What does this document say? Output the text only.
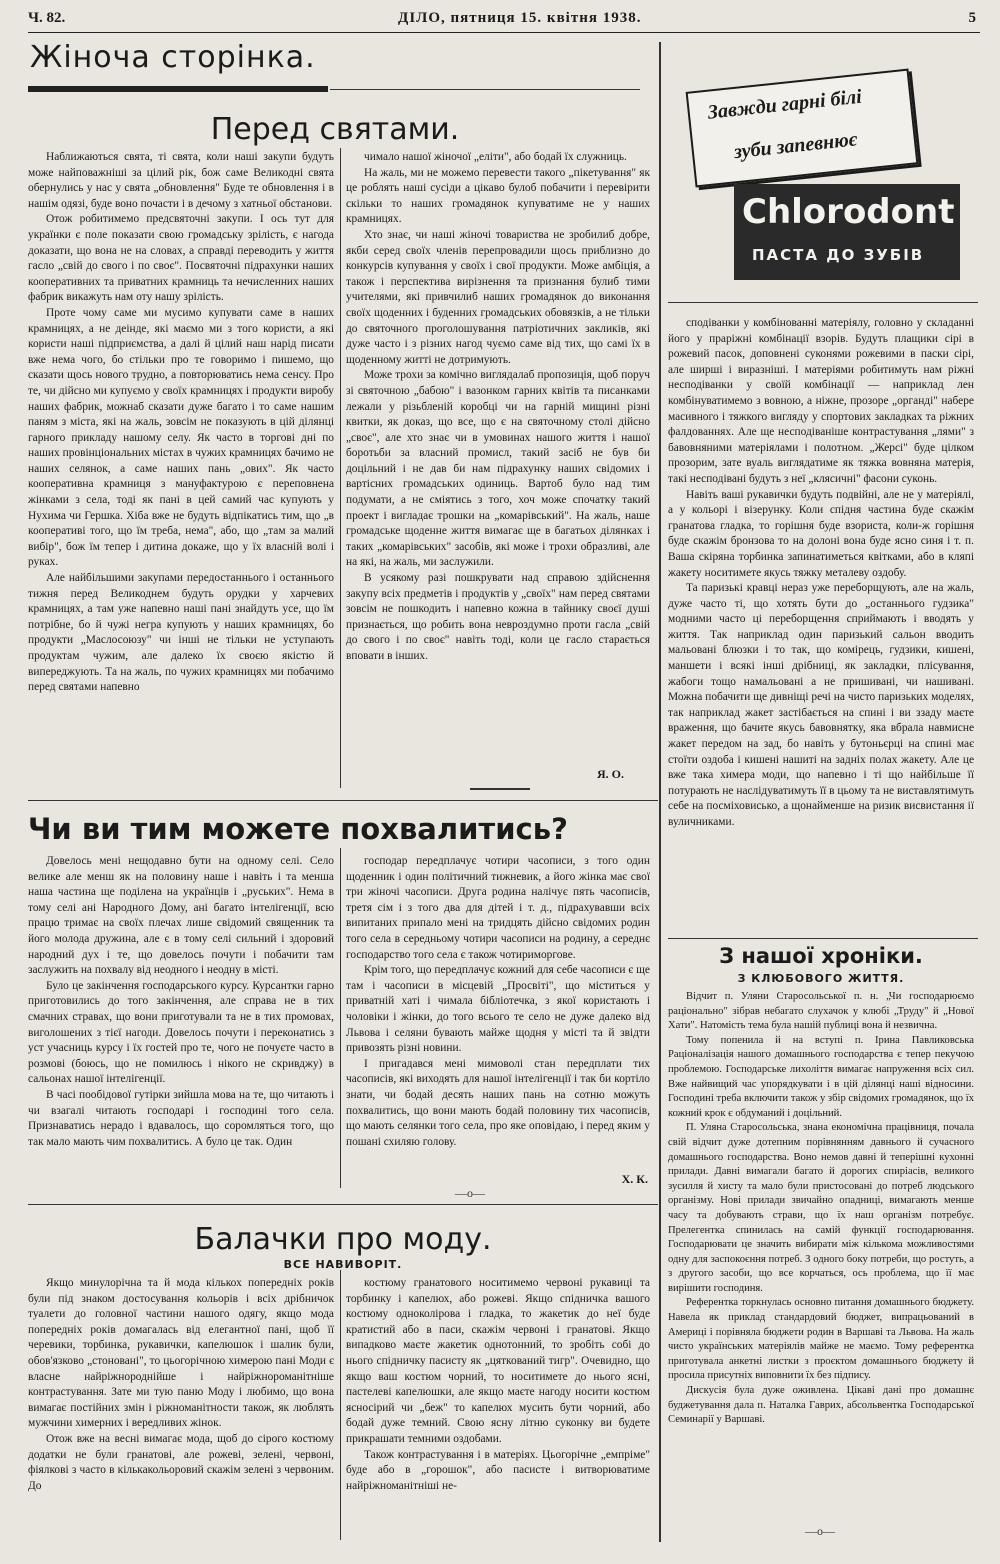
Ч. 82.	ДІЛО, пятниця 15. квітня 1938.	5
Жіноча сторінка.
Перед святами.

Наближаються свята, ті свята, коли наші закупи будуть може найповажніші за цілий рік, бож саме Великодні свята обернулись у нас у свята „обновлення" Буде те обновлення і в нашім одязі, буде воно почасти і в дечому з хатньої обстанови.

Отож робитимемо предсвяточні закупи. І ось тут для українки є поле показати свою громадську зрілість, є нагода доказати, що вона не на словах, а справді переводить у життя гасло „свій до свого і по своє". Посвяточні підрахунки наших кооперативних та приватних крамниць та нечисленних наших фабрик викажуть нам оту нашу зрілість.

Проте чому саме ми мусимо купувати саме в наших крамницях, а не деінде, які маємо ми з того користи, а які користи наші підприємства, а далі й цілий наш нарід писати вже нема чого, бо стільки про те говоримо і пишемо, що сказати щось нового трудно, а повторюватись нема сенсу. Про те, чи дійсно ми купуємо у своїх крамницях і продукти виробу наших фабрик, можнаб сказати дуже багато і то саме нашим паням з міста, які на жаль, зовсім не показують в цій ділянці гарного прикладу нашому селу. Як часто в торгові дні по наших провінціональних містах в чужих крамницях бачимо не наших селянок, а саме наших пань „ових". Як часто кооперативна крамниця з мануфактурою є переповнена жінками з села, тоді як пані в цей самий час купують у Нухима чи Гершка. Хіба вже не будуть відпікатись тим, що „в кооперативі того, що їм треба, нема", або, що „там за малий вибір", бож їм тепер і дитина докаже, що у їх власній волі і руках.

Але найбільшими закупами передостаннього і останнього тижня перед Великоднем будуть орудки у харчевих крамницях, а там уже напевно наші пані знайдуть усе, що їм потрібне, бо й чужі негра купують у наших крамницях, бо продукти „Маслосоюзу" чи інші не тільки не уступають продуктам чужим, але далеко їх своєю якістю й випереджують. Та на жаль, по чужих крамницях ми побачимо перед святами напевно

чимало нашої жіночої „еліти", або бодай їх служниць.

На жаль, ми не можемо перевести такого „пікетування" як це роблять наші сусіди а цікаво булоб побачити і перевірити скільки то наших громадянок купуватиме не у наших крамницях.

Хто знає, чи наші жіночі товариства не зробилиб добре, якби серед своїх членів перепровадили щось приблизно до конкурсів купування у своїх і свої продукти. Може амбіція, а також і перспектива вирізнення та признання булиб тими учителями, які привчилиб наших громадянок до виконання своїх щоденних і буденних громадських обовязків, а не тільки до святочного проголошування патріотичних закликів, які дуже часто і з різних нагод чуємо саме від тих, що самі їх в щоденному житті не дотримують.

Може трохи за комічно виглядалаб пропозиція, щоб поруч зі святочною „бабою" і вазонком гарних квітів та писанками лежали у різьбленій коробці чи на гарній мищині різні квитки, як доказ, що все, що є на святочному столі дійсно „своє", але хто знає чи в умовинах нашого життя і нашої боротьби за власний промисл, такий засіб не був би доцільний і не дав би нам підрахунку наших свідомих і вартісних громадських одиниць. Вартоб було над тим подумати, а не сміятись з того, хоч може спочатку такий проект і вигладає трошки на „комарівський". На жаль, наше громадське щоденне життя вимагає ще в багатьох ділянках і таких „комарівських" засобів, які може і трохи образливі, але на які, на жаль, ми заслужили.

В усякому разі пошкрувати над справою здійснення закупу всіх предметів і продуктів у „своїх" нам перед святами зовсім не пошкодить і напевно кожна в тайнику своєї душі признається, що робить вона невроздумно проти гасла „свій до свого і по своє" навіть тоді, коли це гасло старається вповати в інших.

Я. О.
Завжди гарні білі
зуби запевнює
Chlorodont
ПАСТА ДО ЗУБІВ
Чи ви тим можете похвалитись?

Довелось мені нещодавно бути на одному селі. Село велике але менш як на половину наше і навіть і та менша наша частина ще поділена на українців і „руських". Нема в тому селі ані Народного Дому, ані багато інтелігенції, всю працю тримає на своїх плечах лише свідомий священник та його молода дружина, але є в тому селі сильний і здоровий народний дух і те, що довелось почути і побачити там заслужить на похвалу від неодного і неодну в місті.

Було це закінчення господарського курсу. Курсантки гарно приготовились до того закінчення, але справа не в тих смачних стравах, що вони приготували та не в тих промовах, виголошених з тієї нагоди. Довелось почути і переконатись з уст учасниць курсу і їх гостей про те, чого не почуєте часто в розмові (боюсь, що не помилюсь і нікого не скривджу) в сальонах нашої інтелігенції.

В часі пообідової гутірки зийшла мова на те, що читають і чи взагалі читають господарі і господині того села. Признаватись нерадо і вдавалось, що соромляться того, що так мало мають чим похвалитись. А було це так. Один

господар передплачує чотири часописи, з того один щоденник і один політичний тижневик, а його жінка має свої три жіночі часописи. Друга родина налічує пять часописів, третя сім і з того два для дітей і т. д., підрахувавши всіх випитаних припало мені на тридцять дійсно свідомих родин того села в середньому чотири часописи на родину, а середнє господарство того села є також чотириморгове.

Крім того, що передплачує кожний для себе часописи є ще там і часописи в місцевій „Просвіті", що міститься у приватній хаті і чимала бібліотечка, з якої користають і чоловіки і жінки, до того всього те село не дуже далеко від Львова і селяни бувають майже щодня у місті та й звідти привозять різні новини.

І пригадався мені мимоволі стан передплати тих часописів, які виходять для нашої інтелігенції і так би кортіло знати, чи бодай десять наших пань на сотню можуть похвалитись, що вони мають бодай половину тих часописів, що мають селянки того села, про яке оповідаю, і перед яким у пошані схиляю голову.

Х. К.
—o—
Балачки про моду.
ВСЕ НАВИВОРІТ.

Якщо минулорічна та й мода кількох попередніх років були під знаком достосування кольорів і всіх дрібничок туалети до головної частини нашого одягу, якщо мода попередніх років домагалась від елегантної пані, щоб її черевики, торбинка, рукавички, капелюшок і шалик були, обов'язково „стоновані", то цьогорічною химерою пані Моди є власне найріжнороднійше і найріжнороманітніше контрастування. Зате ми тую паню Моду і любимо, що вона вимагає постійних змін і ріжноманітности також, як люблять мужчини химерних і вередливих жінок.

Отож вже на весні вимагає мода, щоб до сірого костюму додатки не були гранатові, але рожеві, зелені, червоні, фіялкові з часто в кількакольоровий скажім зелені з червоним. До

костюму гранатового носитимемо червоні рукавиці та торбинку і капелюх, або рожеві. Якщо спідничка вашого костюму одноколірова і гладка, то жакетик до неї буде кратистий або в паси, скажім червоні і гранатові. Якщо випадково маєте жакетик однотонний, то зробіть собі до нього спідничку пасисту як „цяткований тигр". Очевидно, що якщо ваш костюм чорний, то носитимете до нього ясні, пастелеві капелюшки, але якщо маєте нагоду носити костюм ясносірий чи „беж" то капелюх мусить бути чорний, або бодай дуже темний. Свою ясну літню суконку ви будете прикрашати темними оздобами.

Також контрастування і в матеріях. Цьогорічне „емпріме" буде або в „горошок", або пасисте і витворюватиме найріжноманітніші не-

сподіванки у комбінованні матеріялу, головно у складанні його у праріжні комбінації взорів. Будуть плащики сірі в рожевий пасок, доповнені суконями рожевими в паски сірі, але ширші і виразніші. І матеріями робитимуть нам ріжні несподіванки у своїй комбінації — наприклад лен комбінуватимемо з вовною, а ніжне, прозоре „органді" набере масивного і тяжкого вигляду у спортових закладках та ріжних фалдованнях. Але ще несподіваніше контрастування „лями" з бавовняними матеріялами і полотном. „Жерсі" буде цілком прозорим, зате вуаль виглядатиме як тяжка вовняна матерія, такі несподівані будуть з неї „клясичні" фасони суконь.

Навіть ваші рукавички будуть подвійні, але не у матеріялі, а у кольорі і візерунку. Коли спідня частина буде скажім гранатова гладка, то горішня буде взориста, коли-ж горішня буде скажім бронзова то на долоні вона буде ясно синя і т. п. Ваша скіряна торбинка запинатиметься квітками, або в кляпі жакету носитимете якусь тяжку металеву оздобу.

Та паризькі кравці нераз уже переборщують, але на жаль, дуже часто ті, що хотять бути до „останнього гудзика" модними часто ці переборщення сприймають і вводять у життя. Так наприклад один паризький сальон вводить мальовані блюзки і то так, що комірець, гудзики, кишені, маншети і всякі інші дрібниці, як закладки, плісування, жабоги тощо намальовані а не пришивані, чи нашивані. Можна побачити ще дивніщі речі на чисто паризьких моделях, так наприклад жакет застібається на спині і ви ззаду маєте враження, що бачите якусь бавовнятку, яка вбрала навмисне жакет передом на зад, бо навіть у бутоньєрці на спині має стоїти оздоба і кишені нашиті на задніх полах жакету. Але це вже така химера моди, що напевно і ті що найбільше її потурають не наслідуватимуть її в цьому та не виставлятимуть себе на посміховисько, а щонайменше на ризик висвистання ії вуличниками.

З нашої хроніки.
З КЛЮБОВОГО ЖИТТЯ.

Відчит п. Уляни Старосольської п. н. „Чи господарюємо раціонально" зібрав небагато слухачок у клюбі „Труду" й „Нової Хати". Натомість тема була нашій публиці вона й незвична.

Тому попенила й на вступі п. Ірина Павликовська Раціоналізація нашого домашнього господарства є тепер пекучою проблемою. Господарське лихоліття вимагає напруження всіх сил. Вже найвищий час упорядкувати і в цій ділянці наші відносини. Господині треба включити також у збір свідомих громадянок, що їх кожний крок є обдуманий і доцільний.

П. Уляна Старосольська, знана економічна працівниця, почала свій відчит дуже дотепним порівнянням давнього й сучасного домашнього господарства. Воно немов давні й теперішні кухонні прилади. Давні вимагали багато й дорогих спиріасів, великого зусилля й хисту та мало були пристосовані до потреб людського організму. Нові прилади звичайно опадниці, вимагають менше часу та добувають страви, що їх наш організм потребує. Прелегентка спинилась на самій функції господарювання. Господарювати це значить вибирати між кількома можливостями одну для заспокоєння потреб. З одного боку потреби, що ростуть, а з другого засоби, що все корчаться, ось проблема, що її має вирішити господиня.

Референтка торкнулась основно питання домашнього бюджету. Навела як приклад стандардовий бюджет, випрацьований в Америці і порівняла бюджети родин в Варшаві та Львова. На жаль чисто українських матеріялів майже не маємо. Тому референтка приготувала анкетні листки з проєктом домашнього бюджету й просила присутніх виповнити їх без підпису.

Дискусія була дуже оживлена. Цікаві дані про домашнє буджетування дала п. Наталка Гаврих, абсольвентка Господарської Семинарії у Варшаві.

—o—
